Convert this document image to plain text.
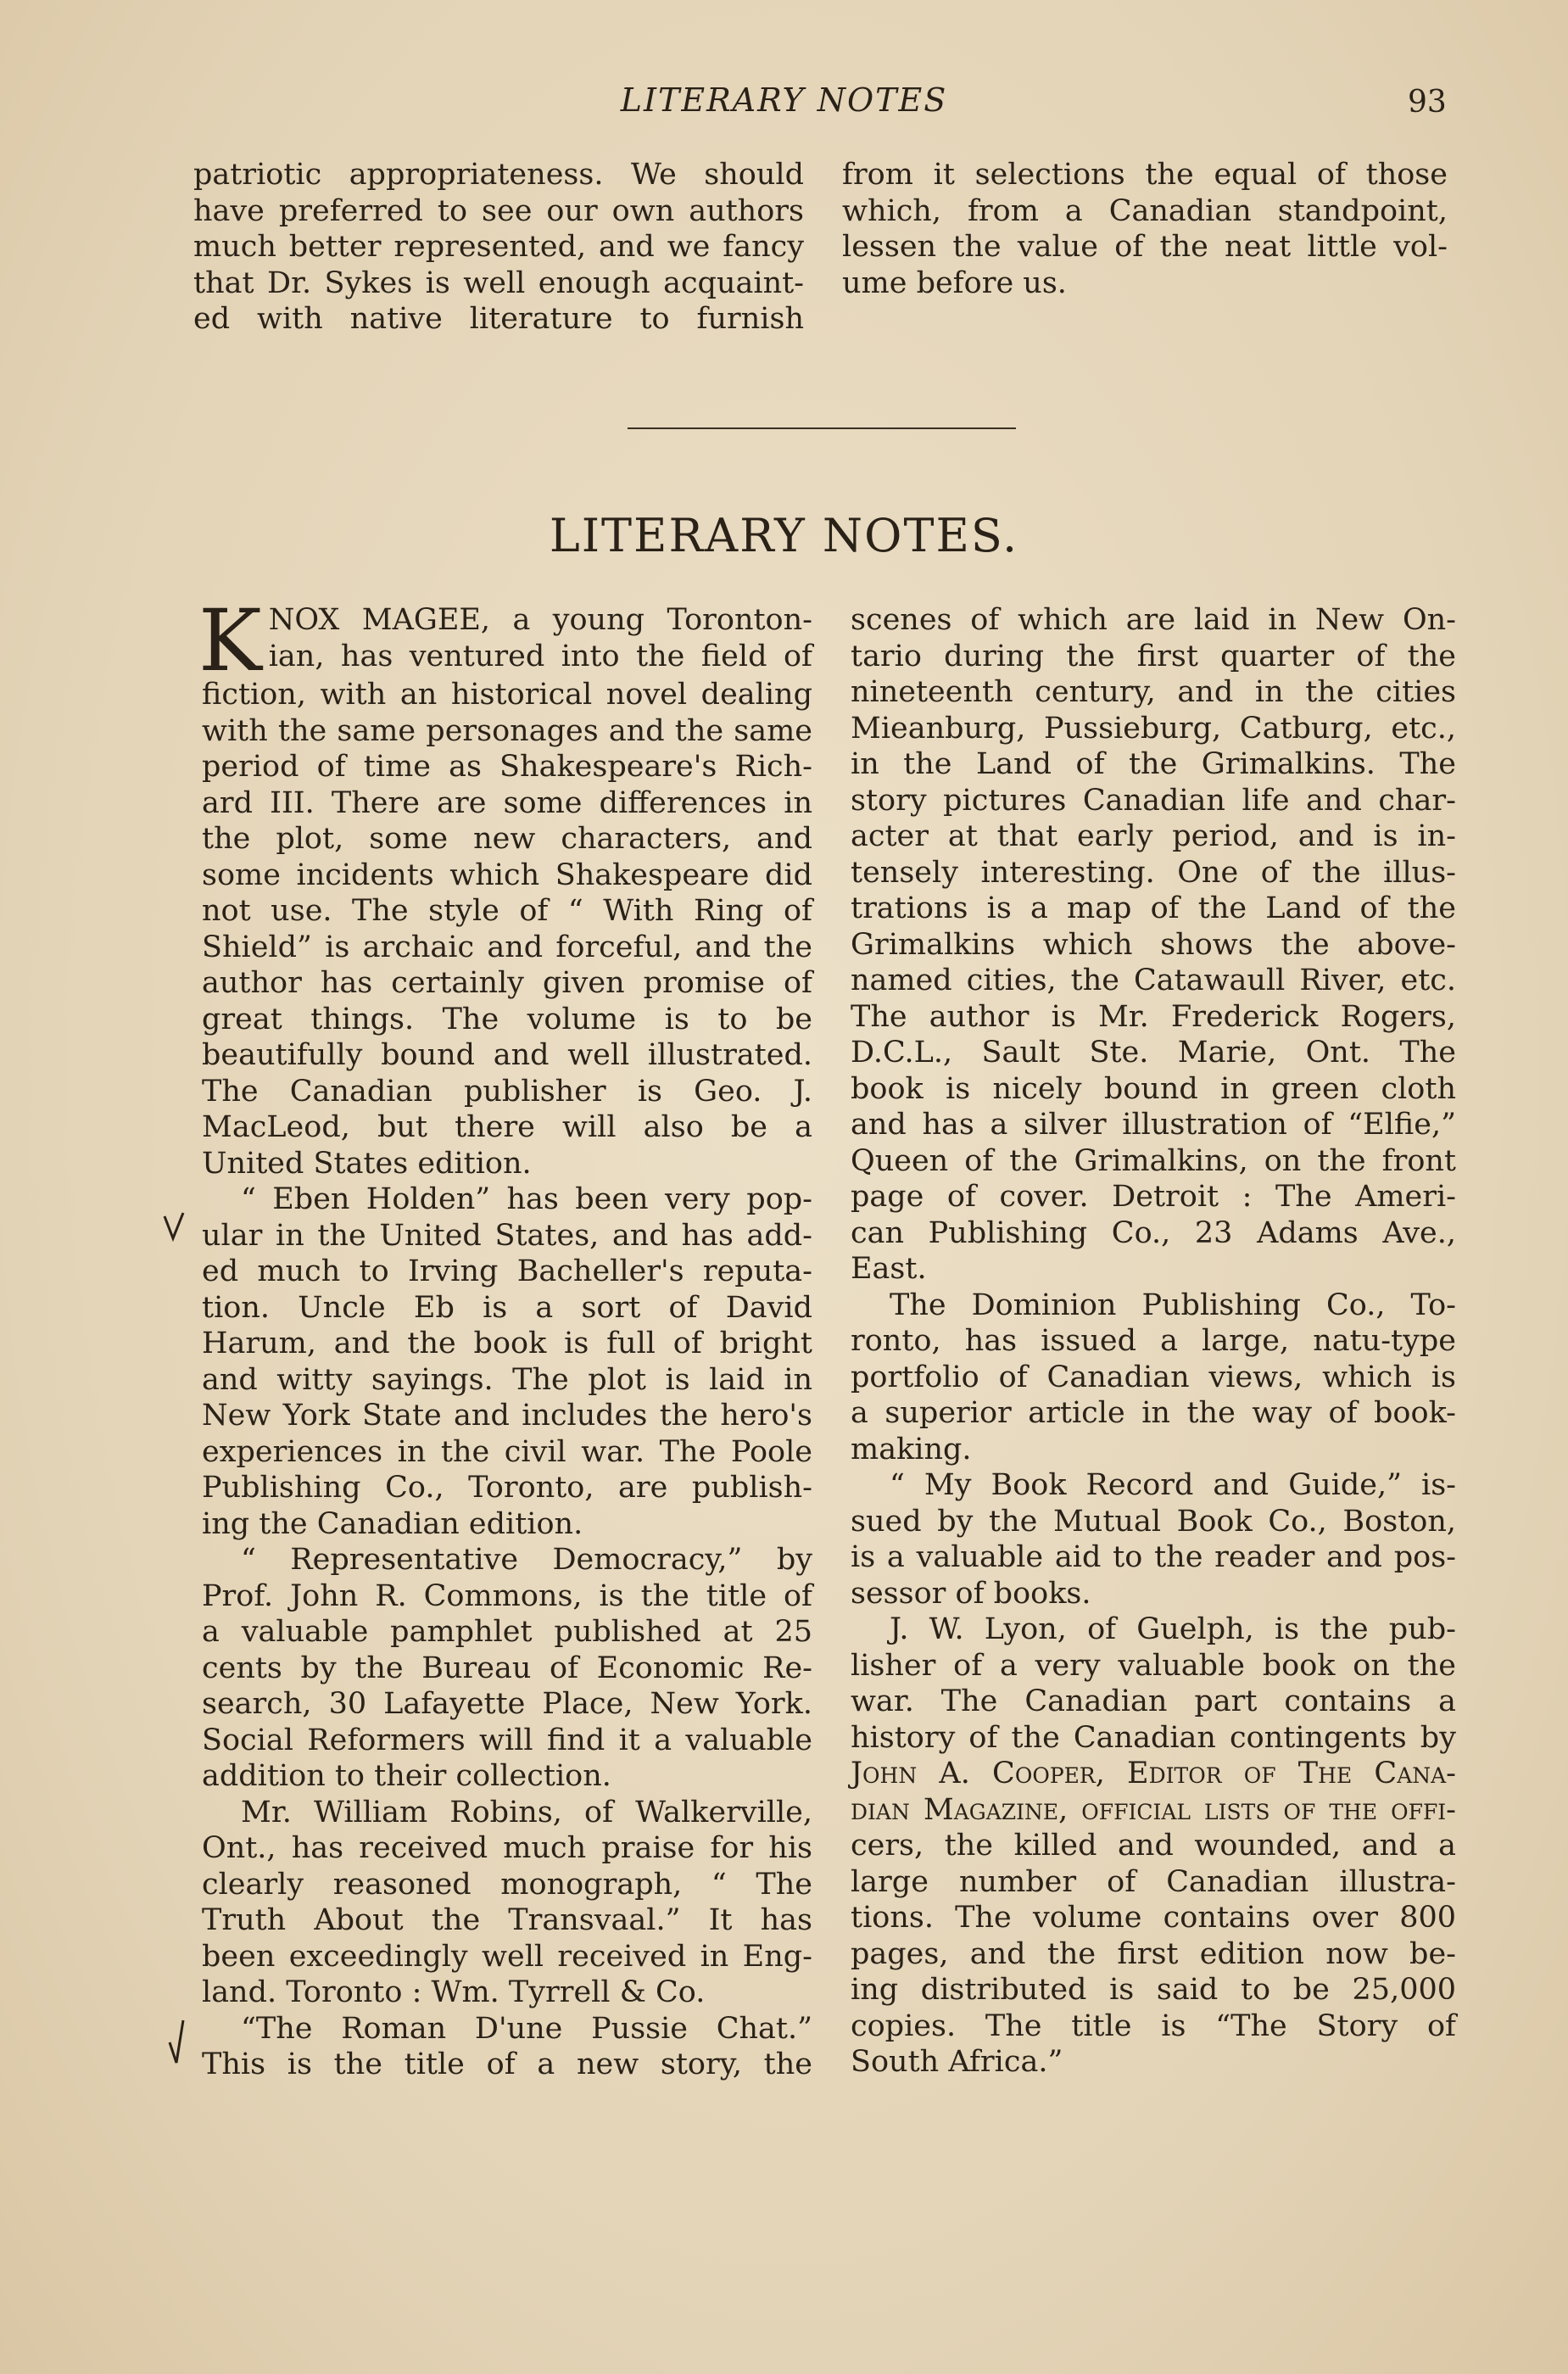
LITERARY NOTES	93
patriotic appropriateness. We should
have preferred to see our own authors
much better represented, and we fancy
that Dr. Sykes is well enough acquaint-
ed with native literature to furnish
from it selections the equal of those
which, from a Canadian standpoint,
lessen the value of the neat little vol-
ume before us.
LITERARY NOTES.
K NOX MAGEE, a young Toronton-
ian, has ventured into the field of
fiction, with an historical novel dealing
with the same personages and the same
period of time as Shakespeare's Rich-
ard III. There are some differences in
the plot, some new characters, and
some incidents which Shakespeare did
not use. The style of “ With Ring of
Shield” is archaic and forceful, and the
author has certainly given promise of
great things. The volume is to be
beautifully bound and well illustrated.
The Canadian publisher is Geo. J.
MacLeod, but there will also be a
United States edition.
“ Eben Holden” has been very pop-
ular in the United States, and has add-
ed much to Irving Bacheller's reputa-
tion. Uncle Eb is a sort of David
Harum, and the book is full of bright
and witty sayings. The plot is laid in
New York State and includes the hero's
experiences in the civil war. The Poole
Publishing Co., Toronto, are publish-
ing the Canadian edition.
“ Representative Democracy,” by
Prof. John R. Commons, is the title of
a valuable pamphlet published at 25
cents by the Bureau of Economic Re-
search, 30 Lafayette Place, New York.
Social Reformers will find it a valuable
addition to their collection.
Mr. William Robins, of Walkerville,
Ont., has received much praise for his
clearly reasoned monograph, “ The
Truth About the Transvaal.” It has
been exceedingly well received in Eng-
land. Toronto : Wm. Tyrrell & Co.
“The Roman D'une Pussie Chat.”
This is the title of a new story, the
scenes of which are laid in New On-
tario during the first quarter of the
nineteenth century, and in the cities
Mieanburg, Pussieburg, Catburg, etc.,
in the Land of the Grimalkins. The
story pictures Canadian life and char-
acter at that early period, and is in-
tensely interesting. One of the illus-
trations is a map of the Land of the
Grimalkins which shows the above-
named cities, the Catawaull River, etc.
The author is Mr. Frederick Rogers,
D.C.L., Sault Ste. Marie, Ont. The
book is nicely bound in green cloth
and has a silver illustration of “Elfie,”
Queen of the Grimalkins, on the front
page of cover. Detroit : The Ameri-
can Publishing Co., 23 Adams Ave.,
East.
The Dominion Publishing Co., To-
ronto, has issued a large, natu-type
portfolio of Canadian views, which is
a superior article in the way of book-
making.
“ My Book Record and Guide,” is-
sued by the Mutual Book Co., Boston,
is a valuable aid to the reader and pos-
sessor of books.
J. W. Lyon, of Guelph, is the pub-
lisher of a very valuable book on the
war. The Canadian part contains a
history of the Canadian contingents by
John A. Cooper, Editor of The Cana-
dian Magazine, official lists of the offi-
cers, the killed and wounded, and a
large number of Canadian illustra-
tions. The volume contains over 800
pages, and the first edition now be-
ing distributed is said to be 25,000
copies. The title is “The Story of
South Africa.”
